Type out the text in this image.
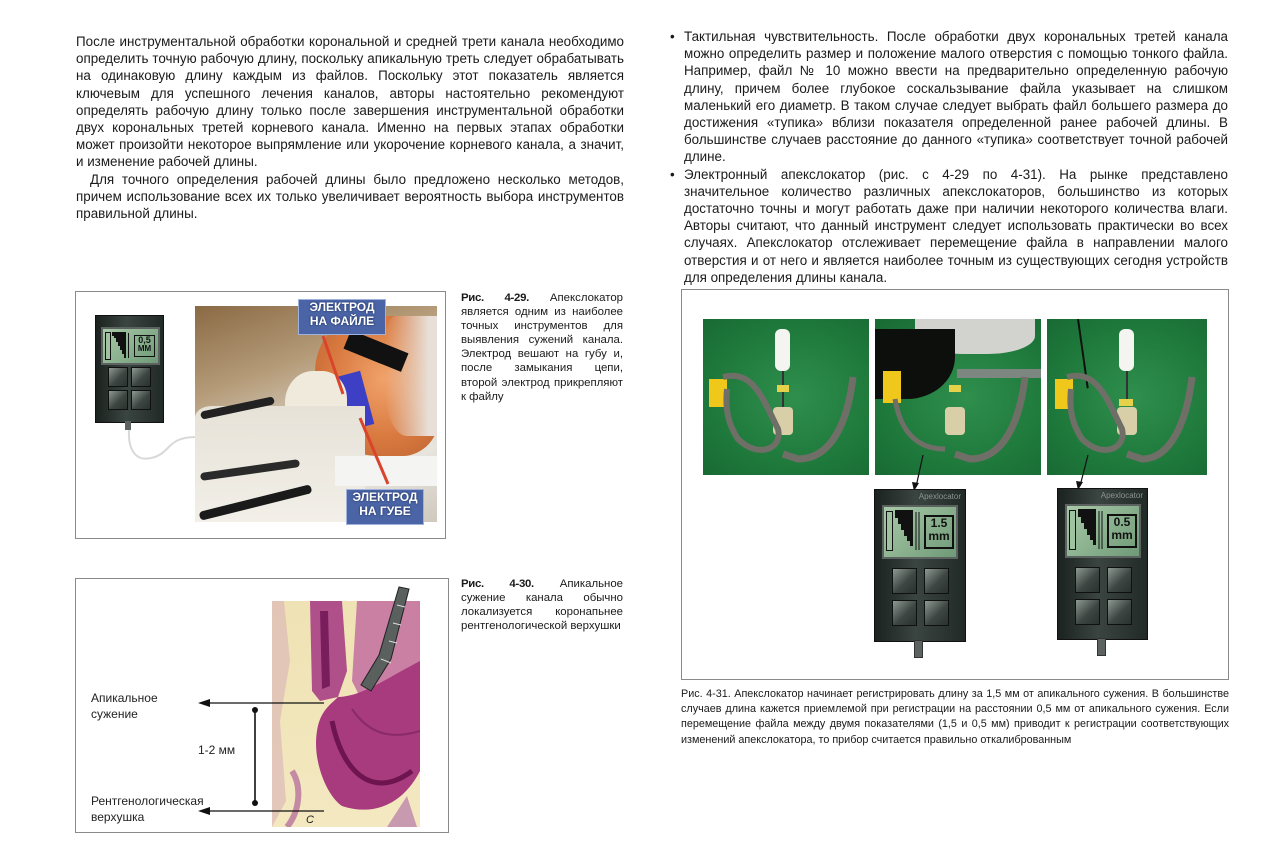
После инструментальной обработки корональной и средней трети канала необходимо определить точную рабочую длину, поскольку апикальную треть следует обрабатывать на одинаковую длину каждым из файлов. Поскольку этот показатель является ключевым для успешного лечения каналов, авторы настоятельно рекомендуют определять рабочую длину только после завершения инструментальной обработки двух корональных третей корневого канала. Именно на первых этапах обработки может произойти некоторое выпрямление или укорочение корневого канала, а значит, и изменение рабочей длины.

Для точного определения рабочей длины было предложено несколько методов, причем использование всех их только увеличивает вероятность выбора инструментов правильной длины.

• Тактильная чувствительность. После обработки двух корональных третей канала можно определить размер и положение малого отверстия с помощью тонкого файла. Например, файл № 10 можно ввести на предварительно определенную рабочую длину, причем более глубокое соскальзывание файла указывает на слишком маленький его диаметр. В таком случае следует выбрать файл большего размера до достижения «тупика» вблизи показателя определенной ранее рабочей длины. В большинстве случаев расстояние до данного «тупика» соответствует точной рабочей длине.

• Электронный апекслокатор (рис. с 4-29 по 4-31). На рынке представлено значительное количество различных апекслокаторов, большинство из которых достаточно точны и могут работать даже при наличии некоторого количества влаги. Авторы считают, что данный инструмент следует использовать практически во всех случаях. Апекслокатор отслеживает перемещение файла в направлении малого отверстия и от него и является наиболее точным из существующих сегодня устройств для определения длины канала.

0,5
ММ
ЭЛЕКТРОД
НА ФАЙЛЕ
ЭЛЕКТРОД
НА ГУБЕ
Рис. 4-29. Апекслокатор является одним из наиболее точных инструментов для выявления сужений канала. Электрод вешают на губу и, после замыкания цепи, второй электрод прикрепляют к файлу
Апикальное
сужение
1-2 мм
Рентгенологическая
верхушка	C
Рис. 4-30. Апикальное сужение канала обычно локализуется коронапьнее рентгенологической верхушки
Apexlocator
1.5
mm
Apexlocator
0.5
mm
Рис. 4-31. Апекслокатор начинает регистрировать длину за 1,5 мм от апикального сужения. В большинстве случаев длина кажется приемлемой при регистрации на расстоянии 0,5 мм от апикального сужения. Если перемещение файла между двумя показателями (1,5 и 0,5 мм) приводит к регистрации соответствующих изменений апекслокатора, то прибор считается правильно откалиброванным
